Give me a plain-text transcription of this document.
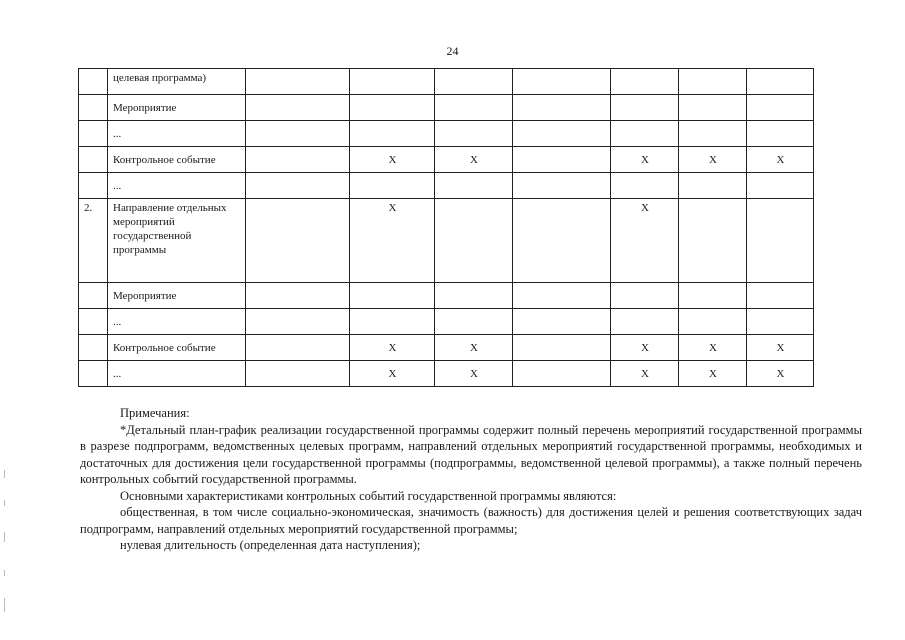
24
	целевая программа)							
	Мероприятие							
	...							
	Контрольное событие		X	X		X	X	X
	...							
2.	Направление отдельных мероприятий государственной программы		X			X		
	Мероприятие							
	...							
	Контрольное событие		X	X		X	X	X
	...		X	X		X	X	X

Примечания:

*Детальный план-график реализации государственной программы содержит полный перечень мероприятий государственной программы в разрезе подпрограмм, ведомственных целевых программ, направлений отдельных мероприятий государственной программы, необходимых и достаточных для достижения цели государственной программы (подпрограммы, ведомственной целевой программы), а также полный перечень контрольных событий государственной программы.

Основными характеристиками контрольных событий государственной программы являются:

общественная, в том числе социально-экономическая, значимость (важность) для достижения целей и решения соответствующих задач подпрограмм, направлений отдельных мероприятий государственной программы;

нулевая длительность (определенная дата наступления);
